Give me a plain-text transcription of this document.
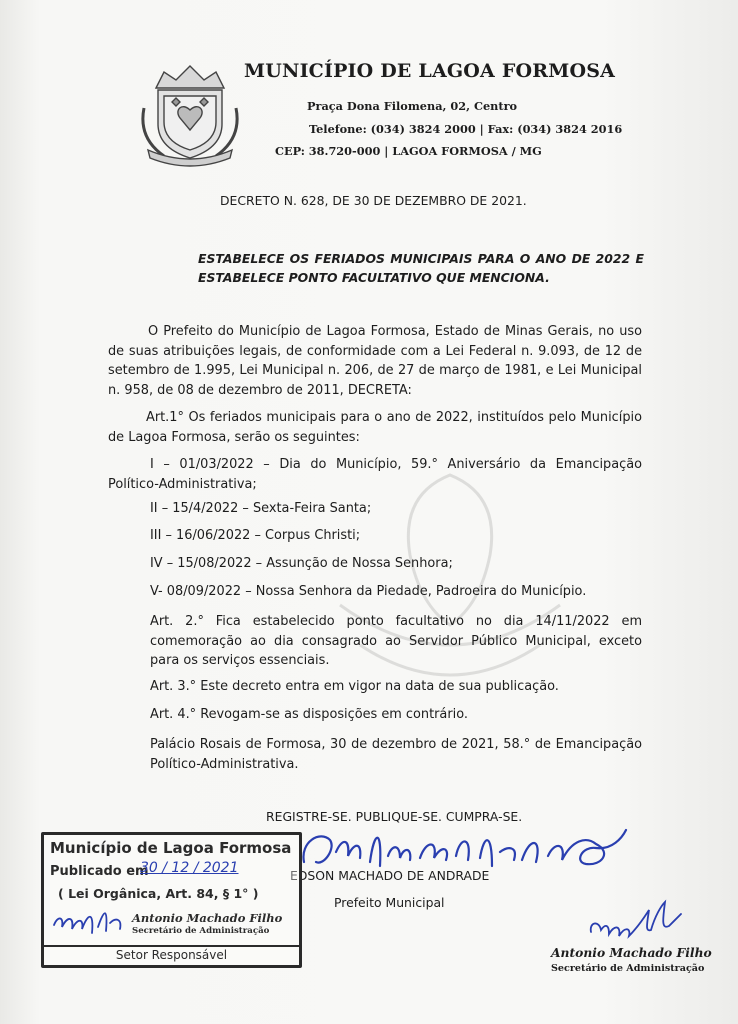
MUNICÍPIO DE LAGOA FORMOSA
Praça Dona Filomena, 02, Centro
Telefone: (034) 3824 2000 | Fax: (034) 3824 2016
CEP: 38.720-000 | LAGOA FORMOSA / MG
DECRETO N. 628, DE 30 DE DEZEMBRO DE 2021.
ESTABELECE OS FERIADOS MUNICIPAIS PARA O ANO DE 2022 E ESTABELECE PONTO FACULTATIVO QUE MENCIONA.
O Prefeito do Município de Lagoa Formosa, Estado de Minas Gerais, no uso de suas atribuições legais, de conformidade com a Lei Federal n. 9.093, de 12 de setembro de 1.995, Lei Municipal n. 206, de 27 de março de 1981, e Lei Municipal n. 958, de 08 de dezembro de 2011, DECRETA:
Art.1° Os feriados municipais para o ano de 2022, instituídos pelo Município de Lagoa Formosa, serão os seguintes:
I – 01/03/2022 – Dia do Município, 59.° Aniversário da Emancipação Político-Administrativa;
II – 15/4/2022 – Sexta-Feira Santa;
III – 16/06/2022 – Corpus Christi;
IV – 15/08/2022 – Assunção de Nossa Senhora;
V- 08/09/2022 – Nossa Senhora da Piedade, Padroeira do Município.
Art. 2.° Fica estabelecido ponto facultativo no dia 14/11/2022 em comemoração ao dia consagrado ao Servidor Público Municipal, exceto para os serviços essenciais.
Art. 3.° Este decreto entra em vigor na data de sua publicação.
Art. 4.° Revogam-se as disposições em contrário.
Palácio Rosais de Formosa, 30 de dezembro de 2021, 58.° de Emancipação Político-Administrativa.
REGISTRE-SE. PUBLIQUE-SE. CUMPRA-SE.
EDSON MACHADO DE ANDRADE
Prefeito Municipal
Município de Lagoa Formosa
Publicado em
30 / 12 / 2021
( Lei Orgânica, Art. 84, § 1° )
Antonio Machado Filho
Secretário de Administração
Setor Responsável	Antonio Machado Filho
Secretário de Administração
